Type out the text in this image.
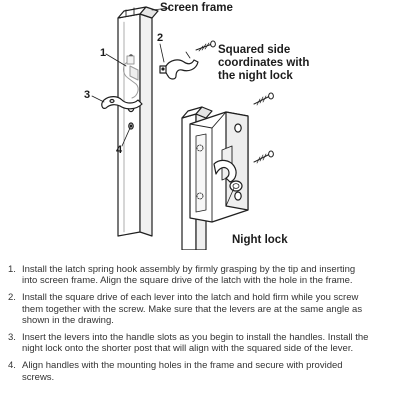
Screen frame
Squared side
coordinates with
the night lock
Night lock
1
2
3
4
1. Install the latch spring hook assembly by firmly grasping by the tip and inserting
into screen frame. Align the square drive of the latch with the hole in the frame.
2. Install the square drive of each lever into the latch and hold firm while you screw
them together with the screw. Make sure that the levers are at the same angle as
shown in the drawing.
3. Insert the levers into the handle slots as you begin to install the handles. Install the
night lock onto the shorter post that will align with the squared side of the lever.
4. Align handles with the mounting holes in the frame and secure with provided
screws.
